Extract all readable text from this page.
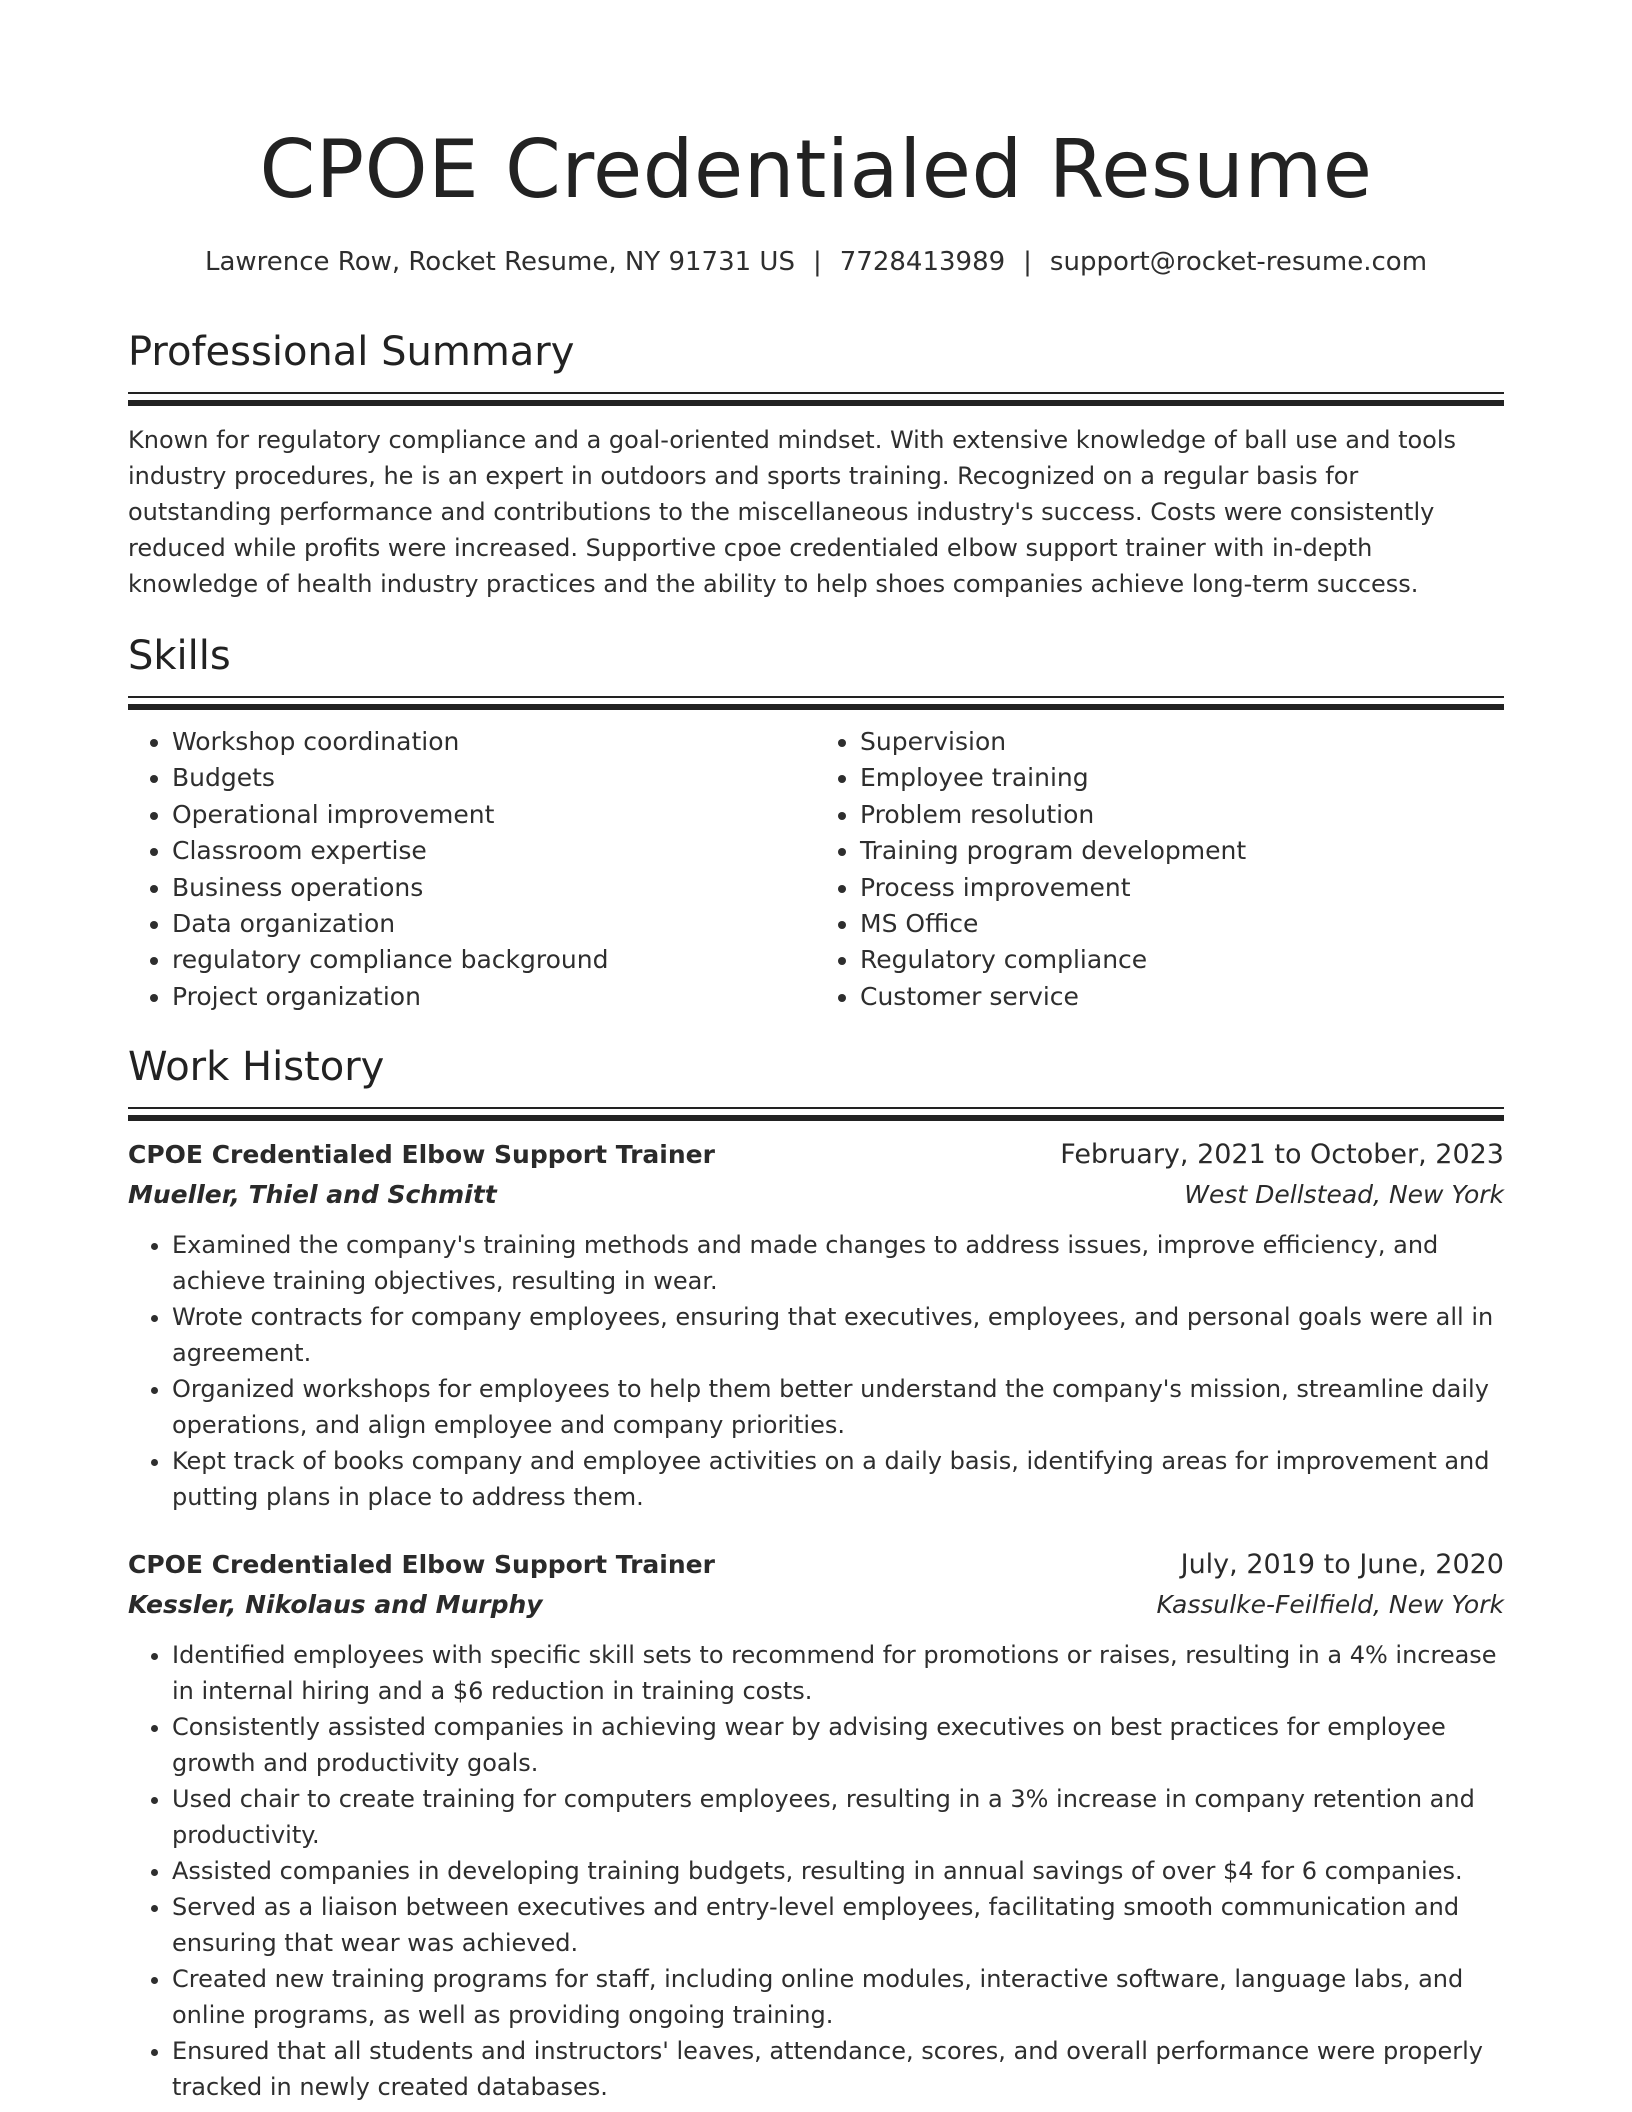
CPOE Credentialed Resume
Lawrence Row, Rocket Resume, NY 91731 US | 7728413989 | support@rocket-resume.com
Professional Summary

Known for regulatory compliance and a goal-oriented mindset. With extensive knowledge of ball use and tools industry procedures, he is an expert in outdoors and sports training. Recognized on a regular basis for outstanding performance and contributions to the miscellaneous industry's success. Costs were consistently reduced while profits were increased. Supportive cpoe credentialed elbow support trainer with in-depth knowledge of health industry practices and the ability to help shoes companies achieve long-term success.

Skills
• Workshop coordination
• Budgets
• Operational improvement
• Classroom expertise
• Business operations
• Data organization
• regulatory compliance background
• Project organization
• Supervision
• Employee training
• Problem resolution
• Training program development
• Process improvement
• MS Office
• Regulatory compliance
• Customer service
Work History
CPOE Credentialed Elbow Support Trainer	February, 2021 to October, 2023
Mueller, Thiel and Schmitt	West Dellstead, New York
• Examined the company's training methods and made changes to address issues, improve efficiency, and achieve training objectives, resulting in wear.
• Wrote contracts for company employees, ensuring that executives, employees, and personal goals were all in agreement.
• Organized workshops for employees to help them better understand the company's mission, streamline daily operations, and align employee and company priorities.
• Kept track of books company and employee activities on a daily basis, identifying areas for improvement and putting plans in place to address them.
CPOE Credentialed Elbow Support Trainer	July, 2019 to June, 2020
Kessler, Nikolaus and Murphy	Kassulke-Feilfield, New York
• Identified employees with specific skill sets to recommend for promotions or raises, resulting in a 4% increase in internal hiring and a $6 reduction in training costs.
• Consistently assisted companies in achieving wear by advising executives on best practices for employee growth and productivity goals.
• Used chair to create training for computers employees, resulting in a 3% increase in company retention and productivity.
• Assisted companies in developing training budgets, resulting in annual savings of over $4 for 6 companies.
• Served as a liaison between executives and entry-level employees, facilitating smooth communication and ensuring that wear was achieved.
• Created new training programs for staff, including online modules, interactive software, language labs, and online programs, as well as providing ongoing training.
• Ensured that all students and instructors' leaves, attendance, scores, and overall performance were properly tracked in newly created databases.
